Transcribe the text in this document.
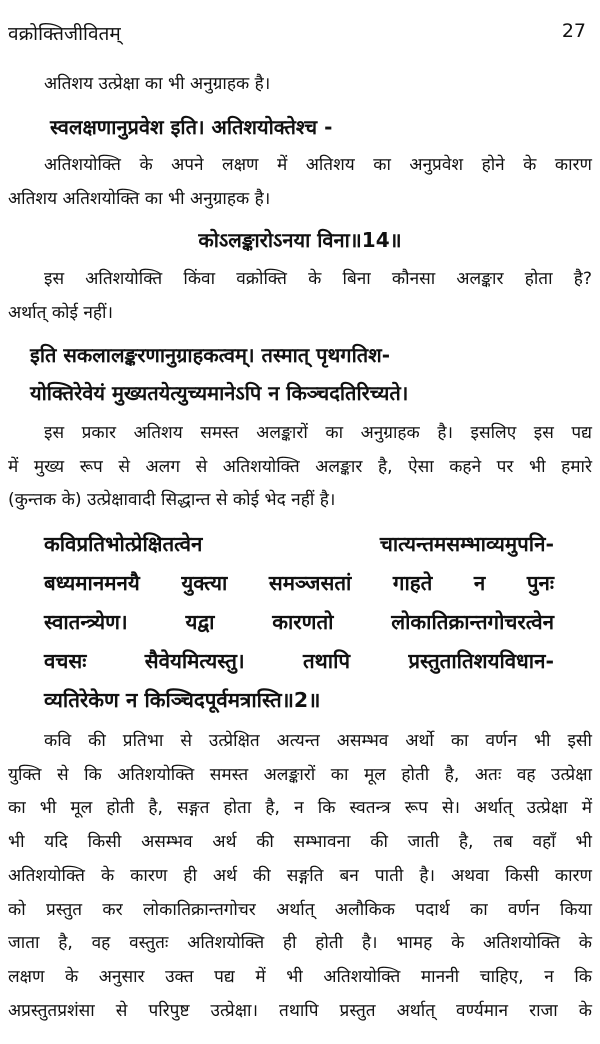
वक्रोक्तिजीवितम्	27
अतिशय उत्प्रेक्षा का भी अनुग्राहक है।
स्वलक्षणानुप्रवेश इति। अतिशयोक्तेश्च -
अतिशयोक्ति के अपने लक्षण में अतिशय का अनुप्रवेश होने के कारण
अतिशय अतिशयोक्ति का भी अनुग्राहक है।
कोऽलङ्कारोऽनया विना॥14॥
इस अतिशयोक्ति किंवा वक्रोक्ति के बिना कौनसा अलङ्कार होता है?
अर्थात् कोई नहीं।
इति सकलालङ्करणानुग्राहकत्वम्। तस्मात् पृथगतिश-
योक्तिरेवेयं मुख्यतयेत्युच्यमानेऽपि न किञ्चदतिरिच्यते।
इस प्रकार अतिशय समस्त अलङ्कारों का अनुग्राहक है। इसलिए इस पद्य
में मुख्य रूप से अलग से अतिशयोक्ति अलङ्कार है, ऐसा कहने पर भी हमारे
(कुन्तक के) उत्प्रेक्षावादी सिद्धान्त से कोई भेद नहीं है।
कविप्रतिभोत्प्रेक्षितत्वेन चात्यन्तमसम्भाव्यमुपनि-
बध्यमानमनयै युक्त्या समञ्जसतां गाहते न पुनः
स्वातन्त्र्येण। यद्वा कारणतो लोकातिक्रान्तगोचरत्वेन
वचसः सैवेयमित्यस्तु। तथापि प्रस्तुतातिशयविधान-
व्यतिरेकेण न किञ्चिदपूर्वमत्रास्ति॥2॥
कवि की प्रतिभा से उत्प्रेक्षित अत्यन्त असम्भव अर्थो का वर्णन भी इसी
युक्ति से कि अतिशयोक्ति समस्त अलङ्कारों का मूल होती है, अतः वह उत्प्रेक्षा
का भी मूल होती है, सङ्गत होता है, न कि स्वतन्त्र रूप से। अर्थात् उत्प्रेक्षा में
भी यदि किसी असम्भव अर्थ की सम्भावना की जाती है, तब वहाँ भी
अतिशयोक्ति के कारण ही अर्थ की सङ्गति बन पाती है। अथवा किसी कारण
को प्रस्तुत कर लोकातिक्रान्तगोचर अर्थात् अलौकिक पदार्थ का वर्णन किया
जाता है, वह वस्तुतः अतिशयोक्ति ही होती है। भामह के अतिशयोक्ति के
लक्षण के अनुसार उक्त पद्य में भी अतिशयोक्ति माननी चाहिए, न कि
अप्रस्तुतप्रशंसा से परिपुष्ट उत्प्रेक्षा। तथापि प्रस्तुत अर्थात् वर्ण्यमान राजा के
